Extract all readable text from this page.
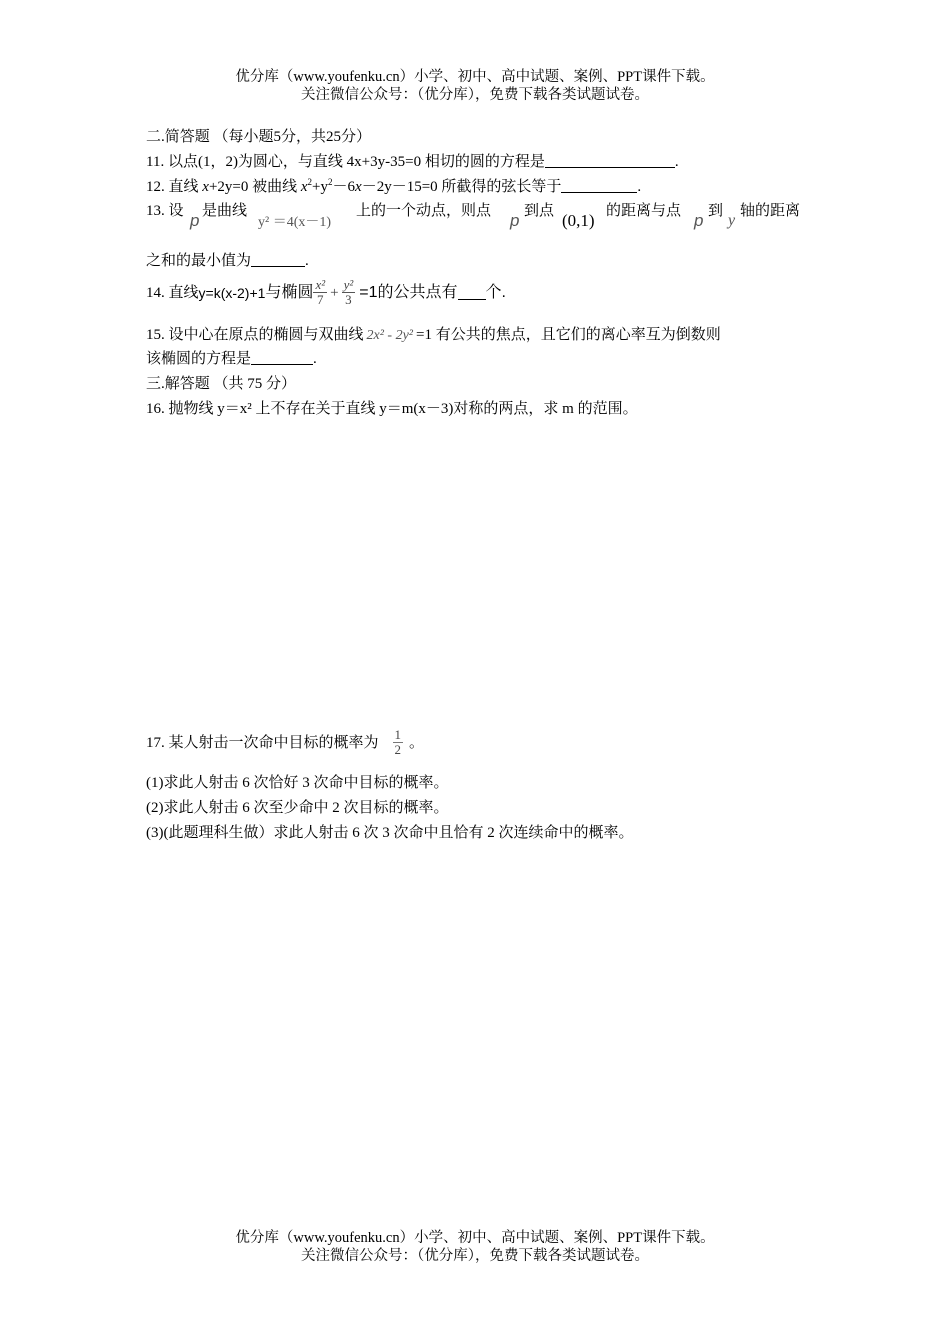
优分库（www.youfenku.cn）小学、初中、高中试题、案例、PPT课件下载。
关注微信公众号：（优分库），免费下载各类试题试卷。
二.简答题 （每小题5分，共25分）
11. 以点(1，2)为圆心，与直线 4x+3y-35=0 相切的圆的方程是	.
12. 直线 x+2y=0 被曲线 $x^2+y^2-6x-2y-15=0$ 所截得的弦长等于	.
13. 设 p 是曲线
y² ＝4(x－1)
上的一个动点，则点 p 到点 (0,1) 的距离与点 p 到
y
轴的距离
之和的最小值为	.
14. 直线y=k(x-2)+1与椭圆 $\frac{\text{x²}}{7} + \frac{\text{y²}}{3} =1$的公共点有 个.
15. 设中心在原点的椭圆与双曲线 2x² - 2y² =1 有公共的焦点，且它们的离心率互为倒数则
该椭圆的方程是	.
三.解答题 （共 75 分）
16. 抛物线 y＝x² 上不存在关于直线 y＝m(x－3)对称的两点，求 m 的范围。
17. 某人射击一次命中目标的概率为 $\frac{1}{2}$ 。
(1)求此人射击 6 次恰好 3 次命中目标的概率。
(2)求此人射击 6 次至少命中 2 次目标的概率。
(3)(此题理科生做）求此人射击 6 次 3 次命中且恰有 2 次连续命中的概率。
优分库（www.youfenku.cn）小学、初中、高中试题、案例、PPT课件下载。
关注微信公众号：（优分库），免费下载各类试题试卷。
